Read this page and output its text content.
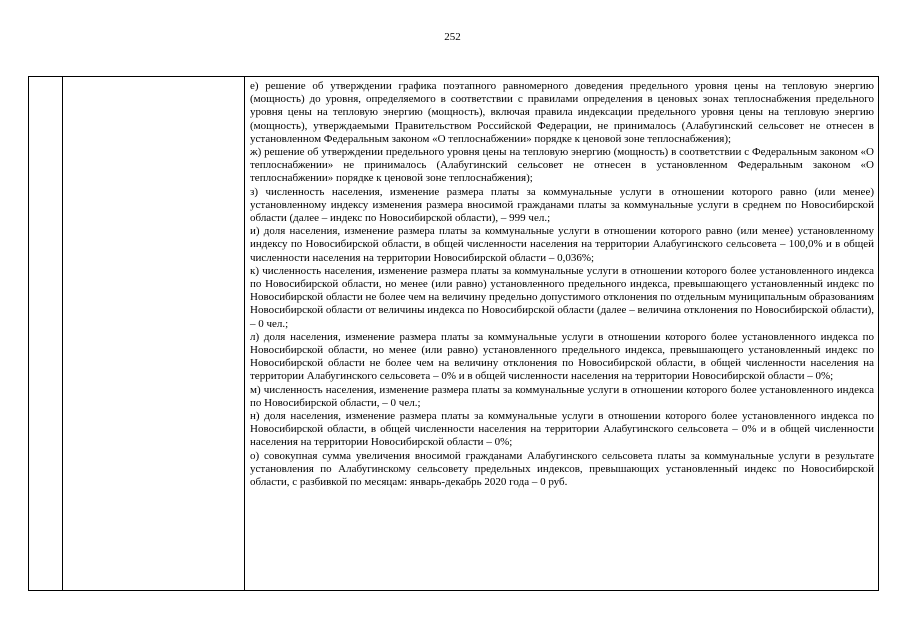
252

е) решение об утверждении графика поэтапного равномерного доведения предельного уровня цены на тепловую энергию (мощность) до уровня, определяемого в соответствии с правилами определения в ценовых зонах теплоснабжения предельного уровня цены на тепловую энергию (мощность), включая правила индексации предельного уровня цены на тепловую энергию (мощность), утверждаемыми Правительством Российской Федерации, не принималось (Алабугинский сельсовет не отнесен в установленном Федеральным законом «О теплоснабжении» порядке к ценовой зоне теплоснабжения);

ж) решение об утверждении предельного уровня цены на тепловую энергию (мощность) в соответствии с Федеральным законом «О теплоснабжении» не принималось (Алабугинский сельсовет не отнесен в установленном Федеральным законом «О теплоснабжении» порядке к ценовой зоне теплоснабжения);

з) численность населения, изменение размера платы за коммунальные услуги в отношении которого равно (или менее) установленному индексу изменения размера вносимой гражданами платы за коммунальные услуги в среднем по Новосибирской области (далее – индекс по Новосибирской области), – 999 чел.;

и) доля населения, изменение размера платы за коммунальные услуги в отношении которого равно (или менее) установленному индексу по Новосибирской области, в общей численности населения на территории Алабугинского сельсовета – 100,0% и в общей численности населения на территории Новосибирской области – 0,036%;

к) численность населения, изменение размера платы за коммунальные услуги в отношении которого более установленного индекса по Новосибирской области, но менее (или равно) установленного предельного индекса, превышающего установленный индекс по Новосибирской области не более чем на величину предельно допустимого отклонения по отдельным муниципальным образованиям Новосибирской области от величины индекса по Новосибирской области (далее – величина отклонения по Новосибирской области), – 0 чел.;

л) доля населения, изменение размера платы за коммунальные услуги в отношении которого более установленного индекса по Новосибирской области, но менее (или равно) установленного предельного индекса, превышающего установленный индекс по Новосибирской области не более чем на величину отклонения по Новосибирской области, в общей численности населения на территории Алабугинского сельсовета – 0% и в общей численности населения на территории Новосибирской области – 0%;

м) численность населения, изменение размера платы за коммунальные услуги в отношении которого более установленного индекса по Новосибирской области, – 0 чел.;

н) доля населения, изменение размера платы за коммунальные услуги в отношении которого более установленного индекса по Новосибирской области, в общей численности населения на территории Алабугинского сельсовета – 0% и в общей численности населения на территории Новосибирской области – 0%;

о) совокупная сумма увеличения вносимой гражданами Алабугинского сельсовета платы за коммунальные услуги в результате установления по Алабугинскому сельсовету предельных индексов, превышающих установленный индекс по Новосибирской области, с разбивкой по месяцам: январь-декабрь 2020 года – 0 руб.
